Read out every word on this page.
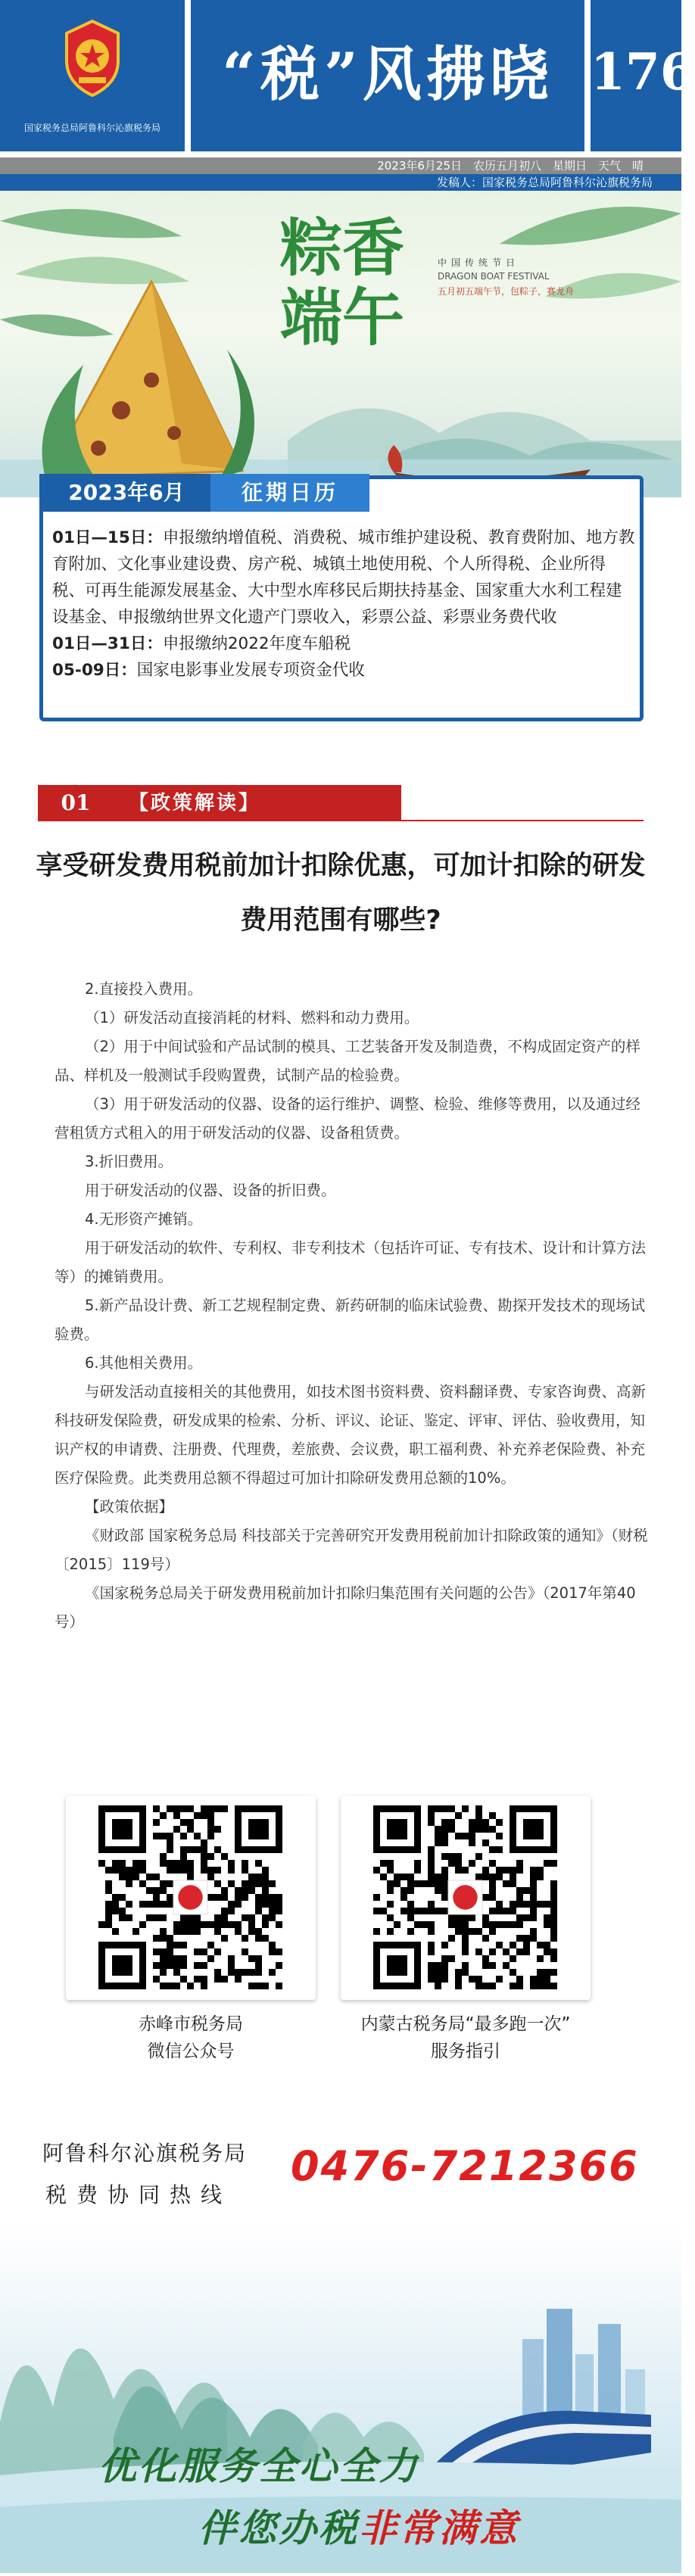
国家税务总局阿鲁科尔沁旗税务局
“税”风拂晓 176
2023年6月25日　农历五月初八　星期日　天气　晴
发稿人：国家税务总局阿鲁科尔沁旗税务局
粽香端午
中国传统节日
DRAGON BOAT FESTIVAL
五月初五端午节，包粽子，赛龙舟
2023年6月	征期日历
01日—15日：申报缴纳增值税、消费税、城市维护建设税、教育费附加、地方教育附加、文化事业建设费、房产税、城镇土地使用税、个人所得税、企业所得税、可再生能源发展基金、大中型水库移民后期扶持基金、国家重大水利工程建设基金、申报缴纳世界文化遗产门票收入，彩票公益、彩票业务费代收
01日—31日：申报缴纳2022年度车船税
05-09日：国家电影事业发展专项资金代收
01	【政策解读】
享受研发费用税前加计扣除优惠，可加计扣除的研发费用范围有哪些?

2.直接投入费用。

（1）研发活动直接消耗的材料、燃料和动力费用。

（2）用于中间试验和产品试制的模具、工艺装备开发及制造费，不构成固定资产的样品、样机及一般测试手段购置费，试制产品的检验费。

（3）用于研发活动的仪器、设备的运行维护、调整、检验、维修等费用，以及通过经营租赁方式租入的用于研发活动的仪器、设备租赁费。

3.折旧费用。

用于研发活动的仪器、设备的折旧费。

4.无形资产摊销。

用于研发活动的软件、专利权、非专利技术（包括许可证、专有技术、设计和计算方法等）的摊销费用。

5.新产品设计费、新工艺规程制定费、新药研制的临床试验费、勘探开发技术的现场试验费。

6.其他相关费用。

与研发活动直接相关的其他费用，如技术图书资料费、资料翻译费、专家咨询费、高新科技研发保险费，研发成果的检索、分析、评议、论证、鉴定、评审、评估、验收费用，知识产权的申请费、注册费、代理费，差旅费、会议费，职工福利费、补充养老保险费、补充医疗保险费。此类费用总额不得超过可加计扣除研发费用总额的10%。

【政策依据】

《财政部 国家税务总局 科技部关于完善研究开发费用税前加计扣除政策的通知》（财税〔2015〕119号）

《国家税务总局关于研发费用税前加计扣除归集范围有关问题的公告》（2017年第40号）

赤峰市税务局
微信公众号
内蒙古税务局“最多跑一次”
服务指引
阿鲁科尔沁旗税务局
税费协同热线
0476-7212366
优化服务全心全力
伴您办税非常满意
